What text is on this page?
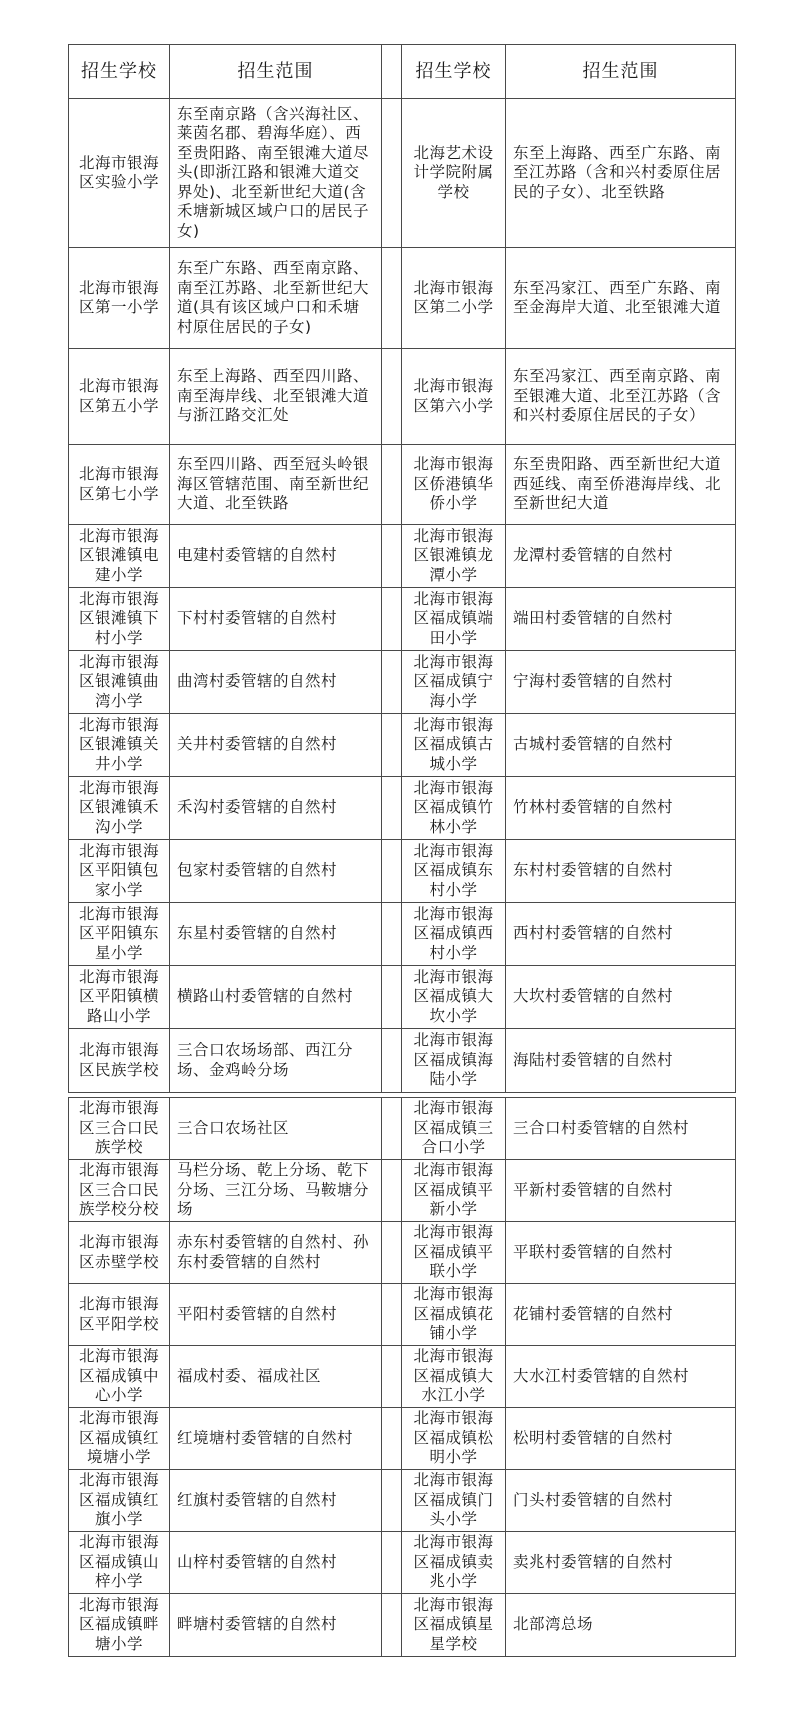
招生学校	招生范围		招生学校	招生范围
北海市银海区实验小学	东至南京路（含兴海社区、莱茵名郡、碧海华庭）、西至贵阳路、南至银滩大道尽头(即浙江路和银滩大道交界处)、北至新世纪大道(含禾塘新城区域户口的居民子女)		北海艺术设计学院附属学校	东至上海路、西至广东路、南至江苏路（含和兴村委原住居民的子女）、北至铁路
北海市银海区第一小学	东至广东路、西至南京路、南至江苏路、北至新世纪大道(具有该区域户口和禾塘村原住居民的子女)		北海市银海区第二小学	东至冯家江、西至广东路、南至金海岸大道、北至银滩大道
北海市银海区第五小学	东至上海路、西至四川路、南至海岸线、北至银滩大道与浙江路交汇处		北海市银海区第六小学	东至冯家江、西至南京路、南至银滩大道、北至江苏路（含和兴村委原住居民的子女）
北海市银海区第七小学	东至四川路、西至冠头岭银海区管辖范围、南至新世纪大道、北至铁路		北海市银海区侨港镇华侨小学	东至贵阳路、西至新世纪大道西延线、南至侨港海岸线、北至新世纪大道
北海市银海区银滩镇电建小学	电建村委管辖的自然村		北海市银海区银滩镇龙潭小学	龙潭村委管辖的自然村
北海市银海区银滩镇下村小学	下村村委管辖的自然村		北海市银海区福成镇端田小学	端田村委管辖的自然村
北海市银海区银滩镇曲湾小学	曲湾村委管辖的自然村		北海市银海区福成镇宁海小学	宁海村委管辖的自然村
北海市银海区银滩镇关井小学	关井村委管辖的自然村		北海市银海区福成镇古城小学	古城村委管辖的自然村
北海市银海区银滩镇禾沟小学	禾沟村委管辖的自然村		北海市银海区福成镇竹林小学	竹林村委管辖的自然村
北海市银海区平阳镇包家小学	包家村委管辖的自然村		北海市银海区福成镇东村小学	东村村委管辖的自然村
北海市银海区平阳镇东星小学	东星村委管辖的自然村		北海市银海区福成镇西村小学	西村村委管辖的自然村
北海市银海区平阳镇横路山小学	横路山村委管辖的自然村		北海市银海区福成镇大坎小学	大坎村委管辖的自然村
北海市银海区民族学校	三合口农场场部、西江分场、金鸡岭分场		北海市银海区福成镇海陆小学	海陆村委管辖的自然村
北海市银海区三合口民族学校	三合口农场社区		北海市银海区福成镇三合口小学	三合口村委管辖的自然村
北海市银海区三合口民族学校分校	马栏分场、乾上分场、乾下分场、三江分场、马鞍塘分场		北海市银海区福成镇平新小学	平新村委管辖的自然村
北海市银海区赤壁学校	赤东村委管辖的自然村、孙东村委管辖的自然村		北海市银海区福成镇平联小学	平联村委管辖的自然村
北海市银海区平阳学校	平阳村委管辖的自然村		北海市银海区福成镇花铺小学	花铺村委管辖的自然村
北海市银海区福成镇中心小学	福成村委、福成社区		北海市银海区福成镇大水江小学	大水江村委管辖的自然村
北海市银海区福成镇红境塘小学	红境塘村委管辖的自然村		北海市银海区福成镇松明小学	松明村委管辖的自然村
北海市银海区福成镇红旗小学	红旗村委管辖的自然村		北海市银海区福成镇门头小学	门头村委管辖的自然村
北海市银海区福成镇山梓小学	山梓村委管辖的自然村		北海市银海区福成镇卖兆小学	卖兆村委管辖的自然村
北海市银海区福成镇畔塘小学	畔塘村委管辖的自然村		北海市银海区福成镇星星学校	北部湾总场
